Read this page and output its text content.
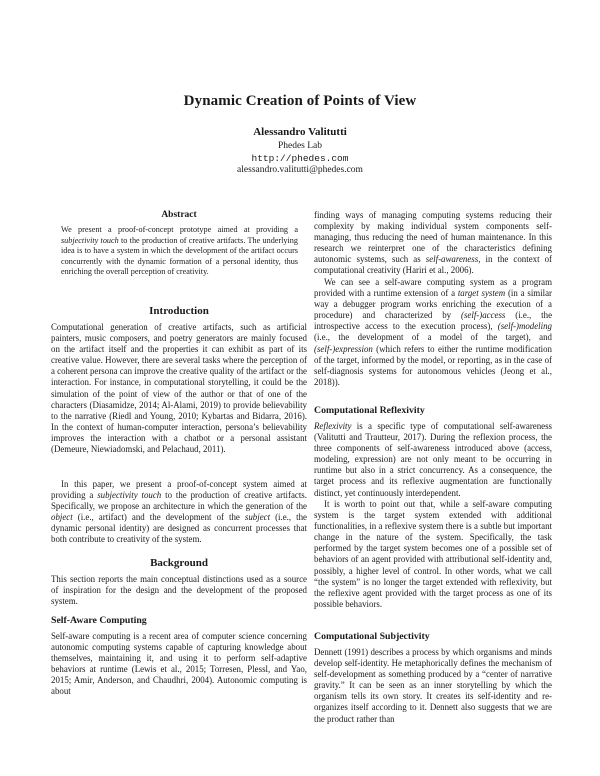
Dynamic Creation of Points of View
Alessandro Valitutti
Phedes Lab
http://phedes.com
alessandro.valitutti@phedes.com
Abstract
We present a proof-of-concept prototype aimed at providing a subjectivity touch to the production of creative artifacts. The underlying idea is to have a system in which the development of the artifact occurs concurrently with the dynamic formation of a personal identity, thus enriching the overall perception of creativity.
Introduction
Computational generation of creative artifacts, such as artificial painters, music composers, and poetry generators are mainly focused on the artifact itself and the properties it can exhibit as part of its creative value. However, there are several tasks where the perception of a coherent persona can improve the creative quality of the artifact or the interaction. For instance, in computational storytelling, it could be the simulation of the point of view of the author or that of one of the characters (Diasamidze, 2014; Al-Alami, 2019) to provide believability to the narrative (Riedl and Young, 2010; Kybartas and Bidarra, 2016). In the context of human-computer interaction, persona’s believability improves the interaction with a chatbot or a personal assistant (Demeure, Niewiadomski, and Pelachaud, 2011).
In this paper, we present a proof-of-concept system aimed at providing a subjectivity touch to the production of creative artifacts. Specifically, we propose an architecture in which the generation of the object (i.e., artifact) and the development of the subject (i.e., the dynamic personal identity) are designed as concurrent processes that both contribute to creativity of the system.
Background
This section reports the main conceptual distinctions used as a source of inspiration for the design and the development of the proposed system.
Self-Aware Computing
Self-aware computing is a recent area of computer science concerning autonomic computing systems capable of capturing knowledge about themselves, maintaining it, and using it to perform self-adaptive behaviors at runtime (Lewis et al., 2015; Torresen, Plessl, and Yao, 2015; Amir, Anderson, and Chaudhri, 2004). Autonomic computing is about
finding ways of managing computing systems reducing their complexity by making individual system components self-managing, thus reducing the need of human maintenance. In this research we reinterpret one of the characteristics defining autonomic systems, such as self-awareness, in the context of computational creativity (Hariri et al., 2006).
We can see a self-aware computing system as a program provided with a runtime extension of a target system (in a similar way a debugger program works enriching the execution of a procedure) and characterized by (self-)access (i.e., the introspective access to the execution process), (self-)modeling (i.e., the development of a model of the target), and (self-)expression (which refers to either the runtime modification of the target, informed by the model, or reporting, as in the case of self-diagnosis systems for autonomous vehicles (Jeong et al., 2018)).
Computational Reflexivity
Reflexivity is a specific type of computational self-awareness (Valitutti and Trautteur, 2017). During the reflexion process, the three components of self-awareness introduced above (access, modeling, expression) are not only meant to be occurring in runtime but also in a strict concurrency. As a consequence, the target process and its reflexive augmentation are functionally distinct, yet continuously interdependent.
It is worth to point out that, while a self-aware computing system is the target system extended with additional functionalities, in a reflexive system there is a subtle but important change in the nature of the system. Specifically, the task performed by the target system becomes one of a possible set of behaviors of an agent provided with attributional self-identity and, possibly, a higher level of control. In other words, what we call “the system” is no longer the target extended with reflexivity, but the reflexive agent provided with the target process as one of its possible behaviors.
Computational Subjectivity
Dennett (1991) describes a process by which organisms and minds develop self-identity. He metaphorically defines the mechanism of self-development as something produced by a “center of narrative gravity.” It can be seen as an inner storytelling by which the organism tells its own story. It creates its self-identity and re-organizes itself according to it. Dennett also suggests that we are the product rather than
